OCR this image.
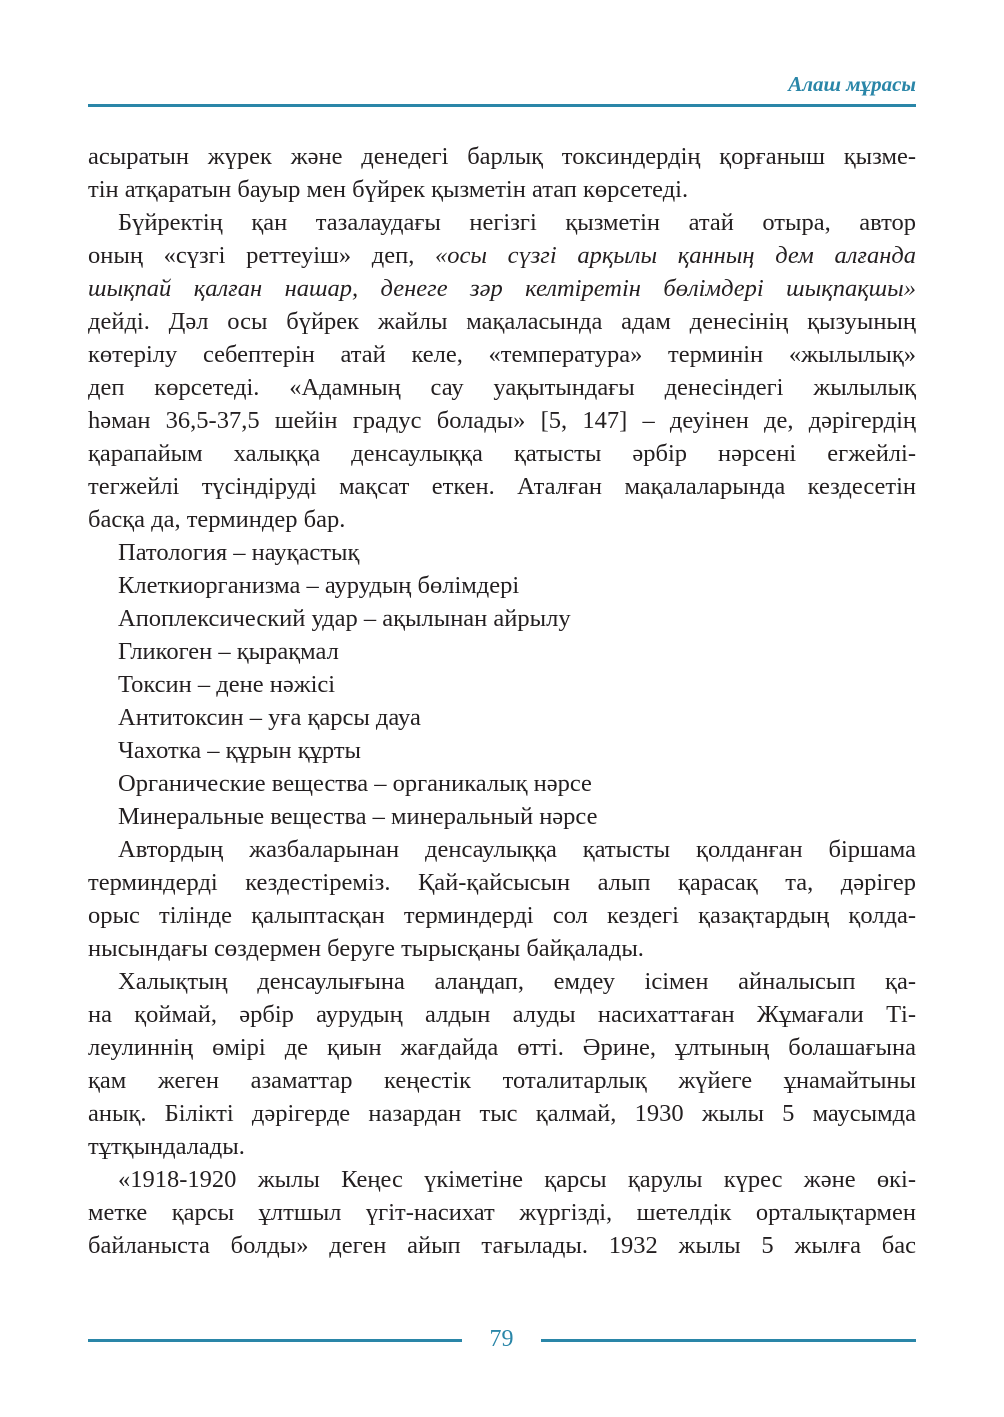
Алаш мұрасы
асыратын жүрек және денедегі барлық токсиндердің қорғаныш қызме-
тін атқаратын бауыр мен бүйрек қызметін атап көрсетеді.
Бүйректің қан тазалаудағы негізгі қызметін атай отыра, автор
оның «сүзгі реттеуіш» деп, «осы сүзгі арқылы қанның дем алғанда
шықпай қалған нашар, денеге зәр келтіретін бөлімдері шықпақшы»
дейді. Дәл осы бүйрек жайлы мақаласында адам денесінің қызуының
көтерілу себептерін атай келе, «температура» терминін «жылылық»
деп көрсетеді. «Адамның сау уақытындағы денесіндегі жылылық
һәман 36,5-37,5 шейін градус болады» [5, 147] – деуінен де, дәрігердің
қарапайым халыққа денсаулыққа қатысты әрбір нәрсені егжейлі-
тегжейлі түсіндіруді мақсат еткен. Аталған мақалаларында кездесетін
басқа да, терминдер бар.
Патология – науқастық
Клеткиорганизма – аурудың бөлімдері
Апоплексический удар – ақылынан айрылу
Гликоген – қырақмал
Токсин – дене нәжісі
Антитоксин – уға қарсы дауа
Чахотка – құрын құрты
Органические вещества – органикалық нәрсе
Минеральные вещества – минеральный нәрсе
Автордың жазбаларынан денсаулыққа қатысты қолданған біршама
терминдерді кездестіреміз. Қай-қайсысын алып қарасақ та, дәрігер
орыс тілінде қалыптасқан терминдерді сол кездегі қазақтардың қолда-
нысындағы сөздермен беруге тырысқаны байқалады.
Халықтың денсаулығына алаңдап, емдеу ісімен айналысып қа-
на қоймай, әрбір аурудың алдын алуды насихаттаған Жұмағали Ті-
леулиннің өмірі де қиын жағдайда өтті. Әрине, ұлтының болашағына
қам жеген азаматтар кеңестік тоталитарлық жүйеге ұнамайтыны
анық. Білікті дәрігерде назардан тыс қалмай, 1930 жылы 5 маусымда
тұтқындалады.
«1918-1920 жылы Кеңес үкіметіне қарсы қарулы күрес және өкі-
метке қарсы ұлтшыл үгіт-насихат жүргізді, шетелдік орталықтармен
байланыста болды» деген айып тағылады. 1932 жылы 5 жылға бас
79
